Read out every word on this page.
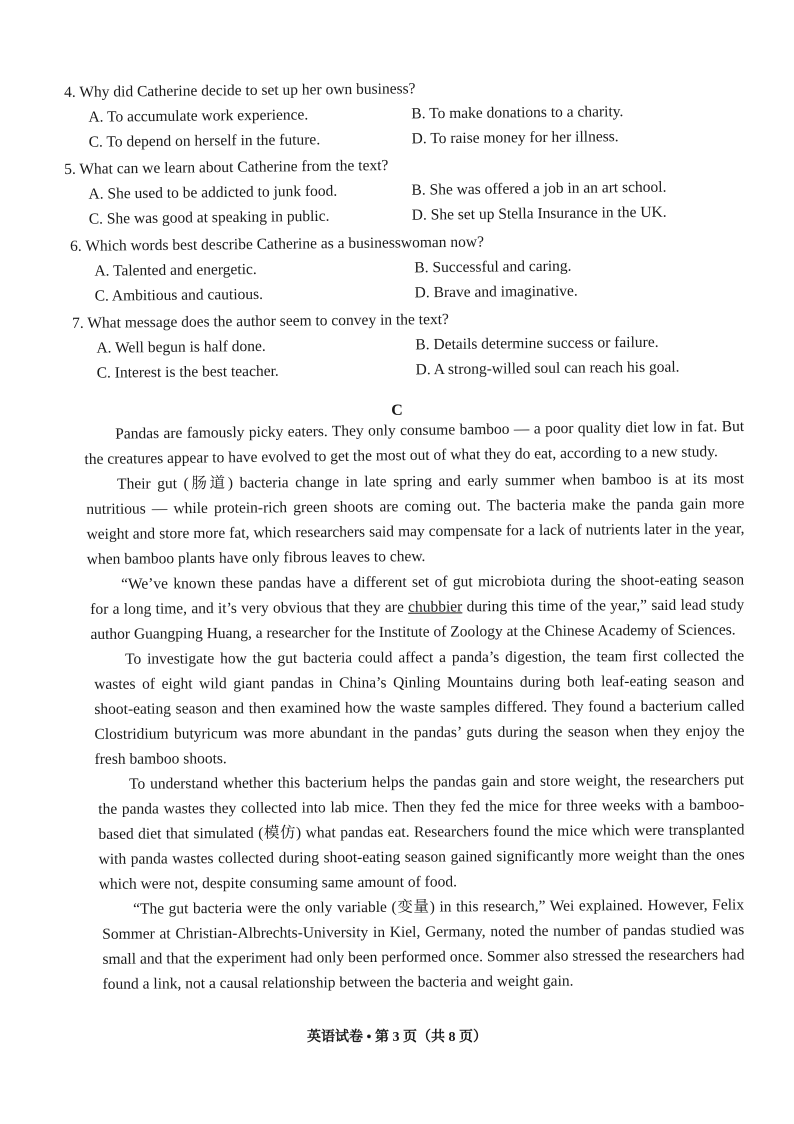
4. Why did Catherine decide to set up her own business?

A. To accumulate work experience.	B. To make donations to a charity.
C. To depend on herself in the future.	D. To raise money for her illness.

5. What can we learn about Catherine from the text?

A. She used to be addicted to junk food.	B. She was offered a job in an art school.
C. She was good at speaking in public.	D. She set up Stella Insurance in the UK.

6. Which words best describe Catherine as a businesswoman now?

A. Talented and energetic.	B. Successful and caring.
C. Ambitious and cautious.	D. Brave and imaginative.

7. What message does the author seem to convey in the text?

A. Well begun is half done.	B. Details determine success or failure.
C. Interest is the best teacher.	D. A strong-willed soul can reach his goal.
C

Pandas are famously picky eaters. They only consume bamboo — a poor quality diet low in fat. But the creatures appear to have evolved to get the most out of what they do eat, according to a new study.

Their gut (肠道) bacteria change in late spring and early summer when bamboo is at its most nutritious — while protein-rich green shoots are coming out. The bacteria make the panda gain more weight and store more fat, which researchers said may compensate for a lack of nutrients later in the year, when bamboo plants have only fibrous leaves to chew.

“We’ve known these pandas have a different set of gut microbiota during the shoot-eating season for a long time, and it’s very obvious that they are chubbier during this time of the year,” said lead study author Guangping Huang, a researcher for the Institute of Zoology at the Chinese Academy of Sciences.

To investigate how the gut bacteria could affect a panda’s digestion, the team first collected the wastes of eight wild giant pandas in China’s Qinling Mountains during both leaf-eating season and shoot-eating season and then examined how the waste samples differed. They found a bacterium called Clostridium butyricum was more abundant in the pandas’ guts during the season when they enjoy the fresh bamboo shoots.

To understand whether this bacterium helps the pandas gain and store weight, the researchers put the panda wastes they collected into lab mice. Then they fed the mice for three weeks with a bamboo-based diet that simulated (模仿) what pandas eat. Researchers found the mice which were transplanted with panda wastes collected during shoot-eating season gained significantly more weight than the ones which were not, despite consuming same amount of food.

“The gut bacteria were the only variable (变量) in this research,” Wei explained. However, Felix Sommer at Christian-Albrechts-University in Kiel, Germany, noted the number of pandas studied was small and that the experiment had only been performed once. Sommer also stressed the researchers had found a link, not a causal relationship between the bacteria and weight gain.

英语试卷 • 第 3 页（共 8 页）
